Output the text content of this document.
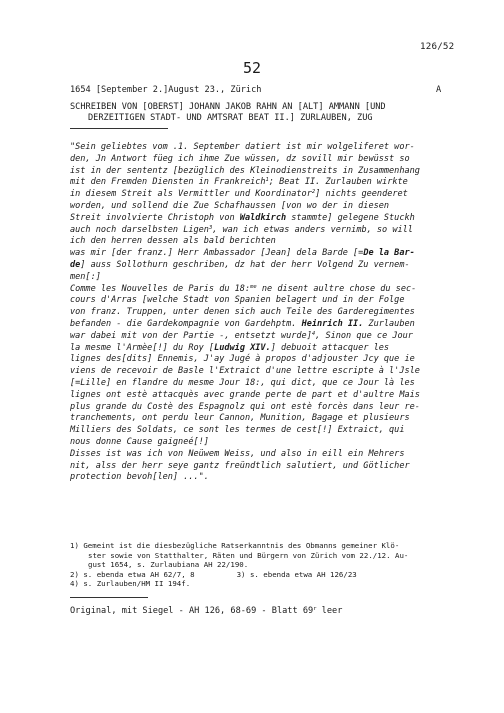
126/52
52
1654 [September 2.]August 23., Zürich	A
SCHREIBEN VON [OBERST] JOHANN JAKOB RAHN AN [ALT] AMMANN [UND
DERZEITIGEN STADT- UND AMTSRAT BEAT II.] ZURLAUBEN, ZUG
"Sein geliebtes vom .1. September datiert ist mir wolgeliferet wor-
den, Jn Antwort füeg ich ihme Zue wüssen, dz sovill mir bewüsst so
ist in der sententz [bezüglich des Kleinodienstreits in Zusammenhang
mit den Fremden Diensten in Frankreich$^1$; Beat II. Zurlauben wirkte
in diesem Streit als Vermittler und Koordinator$^2$] nichts geenderet
worden, und sollend die Zue Schafhaussen [von wo der in diesen
Streit involvierte Christoph von Waldkirch stammte] gelegene Stuckh
auch noch darselbsten Ligen$^3$, wan ich etwas anders vernimb, so will
ich den herren dessen als bald berichten
was mir [der franz.] Herr Ambassador [Jean] dela Barde [=De la Bar-
de] auss Sollothurn geschriben, dz hat der herr Volgend Zu vernem-
men[:]
Comme les Nouvelles de Paris du 18:$^{me}$ ne disent aultre chose du sec-
cours d'Arras [welche Stadt von Spanien belagert und in der Folge
von franz. Truppen, unter denen sich auch Teile des Garderegimentes
befanden - die Gardekompagnie von Gardehptm. Heinrich II. Zurlauben
war dabei mit von der Partie -, entsetzt wurde]$^4$, Sinon que ce Jour
la mesme l'Armèe[!] du Roy [Ludwig XIV.] debuoit attacquer les
lignes des[dits] Ennemis, J'ay Jugé à propos d'adjouster Jcy que ie
viens de recevoir de Basle l'Extraict d'une lettre escripte à l'Jsle
[=Lille] en flandre du mesme Jour 18:, qui dict, que ce Jour là les
lignes ont estè attacquès avec grande perte de part et d'aultre Mais
plus grande du Costè des Espagnolz qui ont estè forcès dans leur re-
tranchements, ont perdu leur Cannon, Munition, Bagage et plusieurs
Milliers des Soldats, ce sont les termes de cest[!] Extraict, qui
nous donne Cause gaigneé[!]
Disses ist was ich von Neüwem Weiss, und also in eill ein Mehrers
nit, alss der herr seye gantz freündtlich salutiert, und Götlicher
protection bevoh[len] ...".
1) Gemeint ist die diesbezügliche Ratserkanntnis des Obmanns gemeiner Klö-
ster sowie von Statthalter, Räten und Bürgern von Zürich vom 22./12. Au-
gust 1654, s. Zurlaubiana AH 22/190.
2) s. ebenda etwa AH 62/7, 8	3) s. ebenda etwa AH 126/23
4) s. Zurlauben/HM II 194f.
Original, mit Siegel - AH 126, 68-69 - Blatt 69$^r$ leer
